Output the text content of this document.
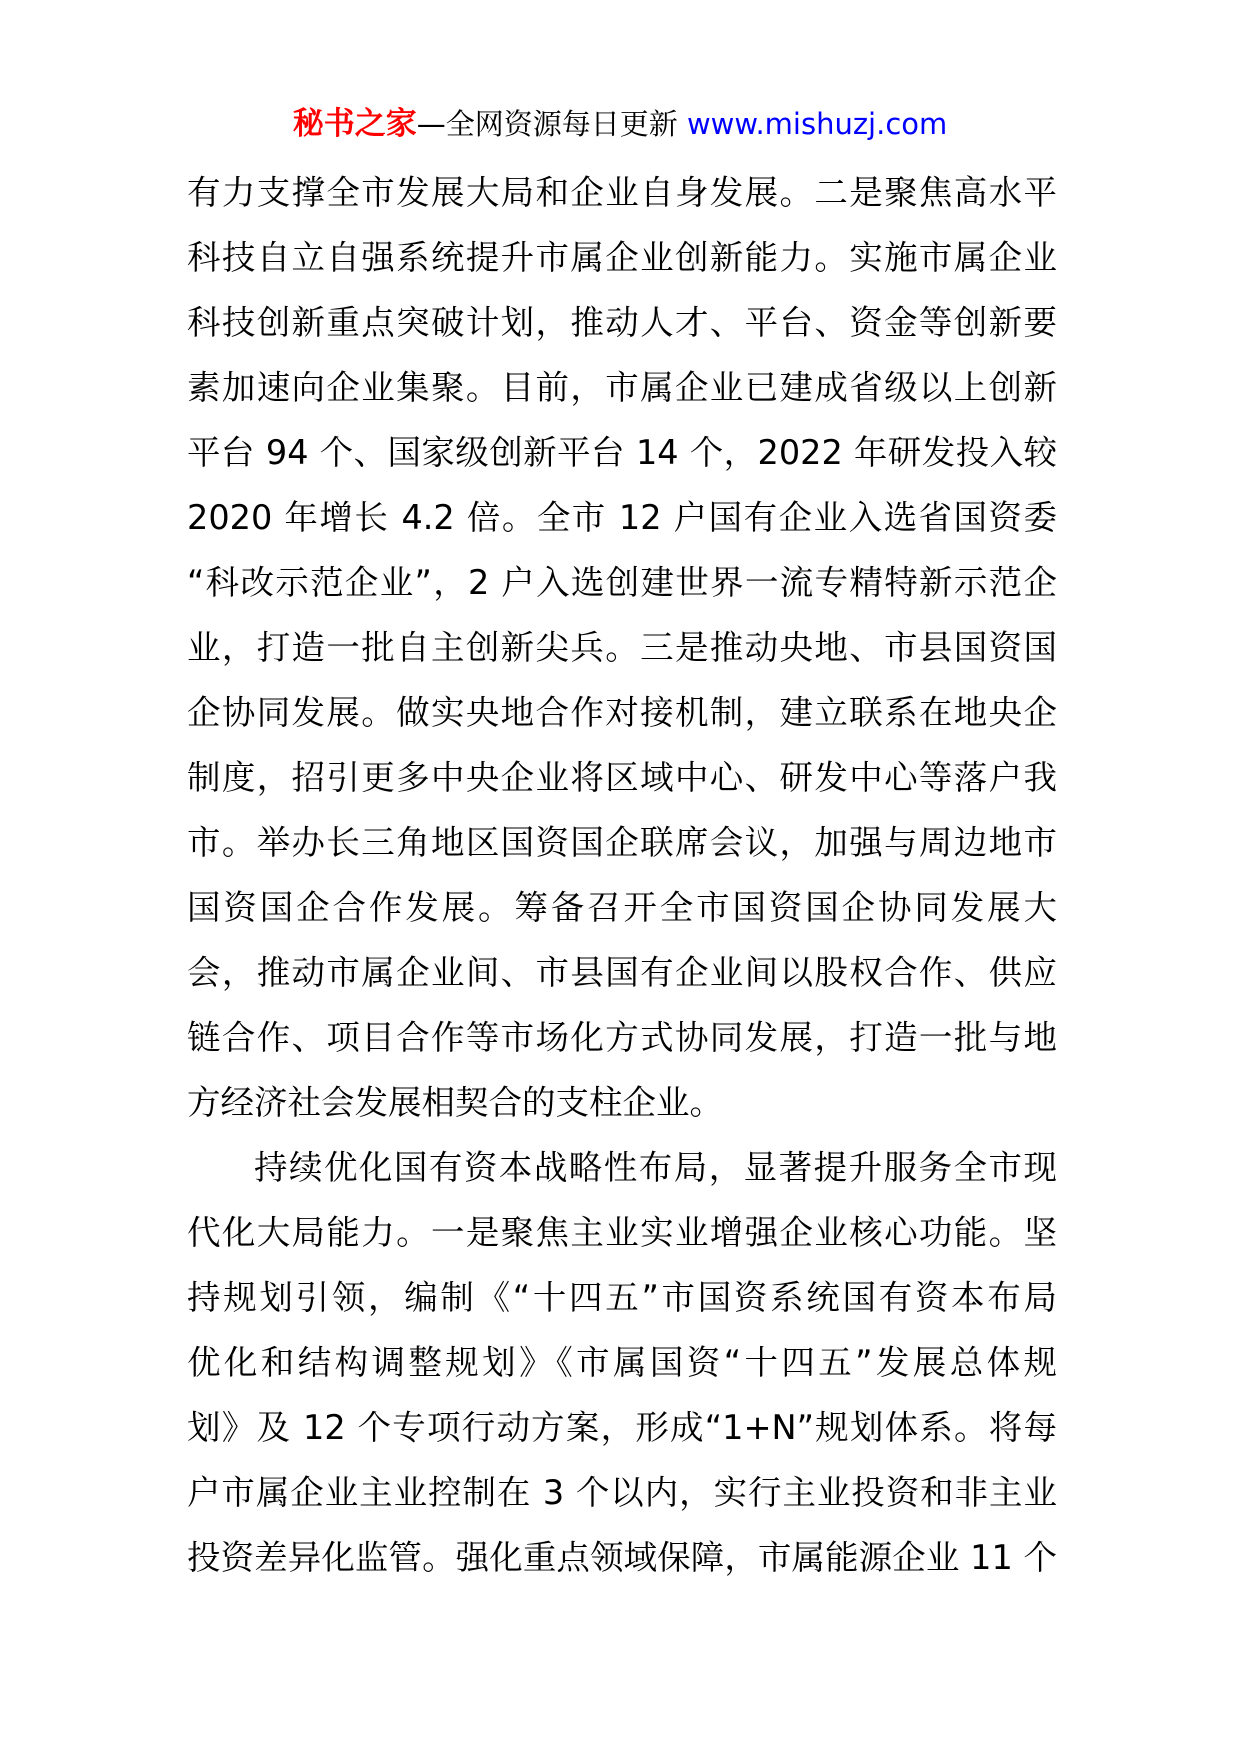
秘书之家—全网资源每日更新 www.mishuzj.com
有力支撑全市发展大局和企业自身发展。二是聚焦高水平
科技自立自强系统提升市属企业创新能力。实施市属企业
科技创新重点突破计划，推动人才、平台、资金等创新要
素加速向企业集聚。目前，市属企业已建成省级以上创新
平台 94 个、国家级创新平台 14 个，2022 年研发投入较
2020 年增长 4.2 倍。全市 12 户国有企业入选省国资委
“科改示范企业”，2 户入选创建世界一流专精特新示范企
业，打造一批自主创新尖兵。三是推动央地、市县国资国
企协同发展。做实央地合作对接机制，建立联系在地央企
制度，招引更多中央企业将区域中心、研发中心等落户我
市。举办长三角地区国资国企联席会议，加强与周边地市
国资国企合作发展。筹备召开全市国资国企协同发展大
会，推动市属企业间、市县国有企业间以股权合作、供应
链合作、项目合作等市场化方式协同发展，打造一批与地
方经济社会发展相契合的支柱企业。
持续优化国有资本战略性布局，显著提升服务全市现
代化大局能力。一是聚焦主业实业增强企业核心功能。坚
持规划引领，编制《“十四五”市国资系统国有资本布局
优化和结构调整规划》《市属国资“十四五”发展总体规
划》及 12 个专项行动方案，形成“1+N”规划体系。将每
户市属企业主业控制在 3 个以内，实行主业投资和非主业
投资差异化监管。强化重点领域保障，市属能源企业 11 个
